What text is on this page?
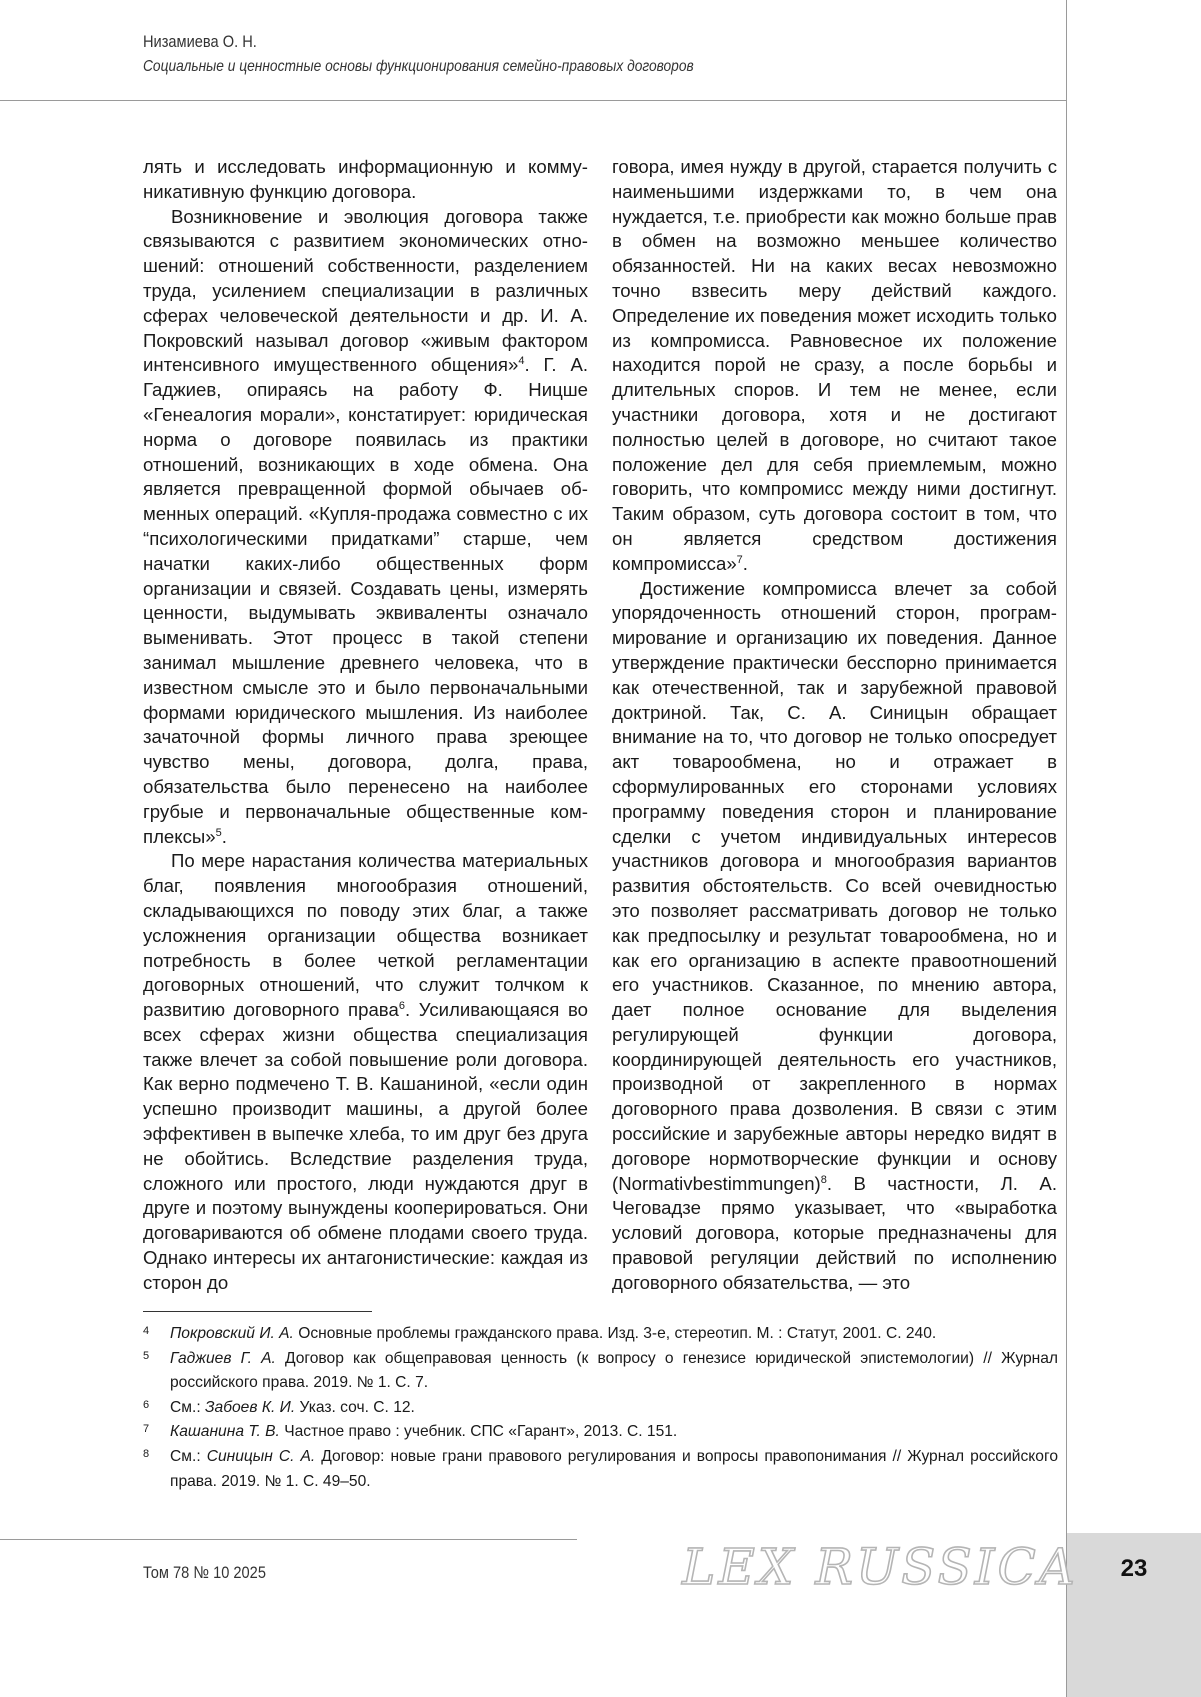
Низамиева О. Н.
Социальные и ценностные основы функционирования семейно-правовых договоров
23

лять и исследовать информационную и коммуникативную функцию договора.

Возникновение и эволюция договора также связываются с развитием экономических отношений: отношений собственности, разделением труда, усилением специализации в различных сферах человеческой деятельности и др. И. А. Покровский называл договор «живым фактором интенсивного имущественного общения»$^4$. Г. А. Гаджиев, опираясь на работу Ф. Ницше «Генеалогия морали», констатирует: юридическая норма о договоре появилась из практики отношений, возникающих в ходе обмена. Она является превращенной формой обычаев обменных операций. «Купля-продажа совместно с их “психологическими придатками” старше, чем начатки каких-либо общественных форм организации и связей. Создавать цены, измерять ценности, выдумывать эквиваленты означало выменивать. Этот процесс в такой степени занимал мышление древнего человека, что в известном смысле это и было первоначальными формами юридического мышления. Из наиболее зачаточной формы личного права зреющее чувство мены, договора, долга, права, обязательства было перенесено на наиболее грубые и первоначальные общественные комплексы»$^5$.

По мере нарастания количества материальных благ, появления многообразия отношений, складывающихся по поводу этих благ, а также усложнения организации общества возникает потребность в более четкой регламентации договорных отношений, что служит толчком к развитию договорного права$^6$. Усиливающаяся во всех сферах жизни общества специализация также влечет за собой повышение роли договора. Как верно подмечено Т. В. Кашаниной, «если один успешно производит машины, а другой более эффективен в выпечке хлеба, то им друг без друга не обойтись. Вследствие разделения труда, сложного или простого, люди нуждаются друг в друге и поэтому вынуждены кооперироваться. Они договариваются об обмене плодами своего труда. Однако интересы их антагонистические: каждая из сторон до

говора, имея нужду в другой, старается получить с наименьшими издержками то, в чем она нуждается, т.е. приобрести как можно больше прав в обмен на возможно меньшее количество обязанностей. Ни на каких весах невозможно точно взвесить меру действий каждого. Определение их поведения может исходить только из компромисса. Равновесное их положение находится порой не сразу, а после борьбы и длительных споров. И тем не менее, если участники договора, хотя и не достигают полностью целей в договоре, но считают такое положение дел для себя приемлемым, можно говорить, что компромисс между ними достигнут. Таким образом, суть договора состоит в том, что он является средством достижения компромисса»$^7$.

Достижение компромисса влечет за собой упорядоченность отношений сторон, программирование и организацию их поведения. Данное утверждение практически бесспорно принимается как отечественной, так и зарубежной правовой доктриной. Так, С. А. Синицын обращает внимание на то, что договор не только опосредует акт товарообмена, но и отражает в сформулированных его сторонами условиях программу поведения сторон и планирование сделки с учетом индивидуальных интересов участников договора и многообразия вариантов развития обстоятельств. Со всей очевидностью это позволяет рассматривать договор не только как предпосылку и результат товарообмена, но и как его организацию в аспекте правоотношений его участников. Сказанное, по мнению автора, дает полное основание для выделения регулирующей функции договора, координирующей деятельность его участников, производной от закрепленного в нормах договорного права дозволения. В связи с этим российские и зарубежные авторы нередко видят в договоре нормотворческие функции и основу (Normativbestimmungen)$^8$. В частности, Л. А. Чеговадзе прямо указывает, что «выработка условий договора, которые предназначены для правовой регуляции действий по исполнению договорного обязательства, — это

4 Покровский И. А. Основные проблемы гражданского права. Изд. 3-е, стереотип. М. : Статут, 2001. С. 240.
5 Гаджиев Г. А. Договор как общеправовая ценность (к вопросу о генезисе юридической эпистемологии) // Журнал российского права. 2019. № 1. С. 7.
6 См.: Забоев К. И. Указ. соч. С. 12.
7 Кашанина Т. В. Частное право : учебник. СПС «Гарант», 2013. С. 151.
8 См.: Синицын С. А. Договор: новые грани правового регулирования и вопросы правопонимания // Журнал российского права. 2019. № 1. С. 49–50.
Том 78 № 10 2025	LEX RUSSICA
